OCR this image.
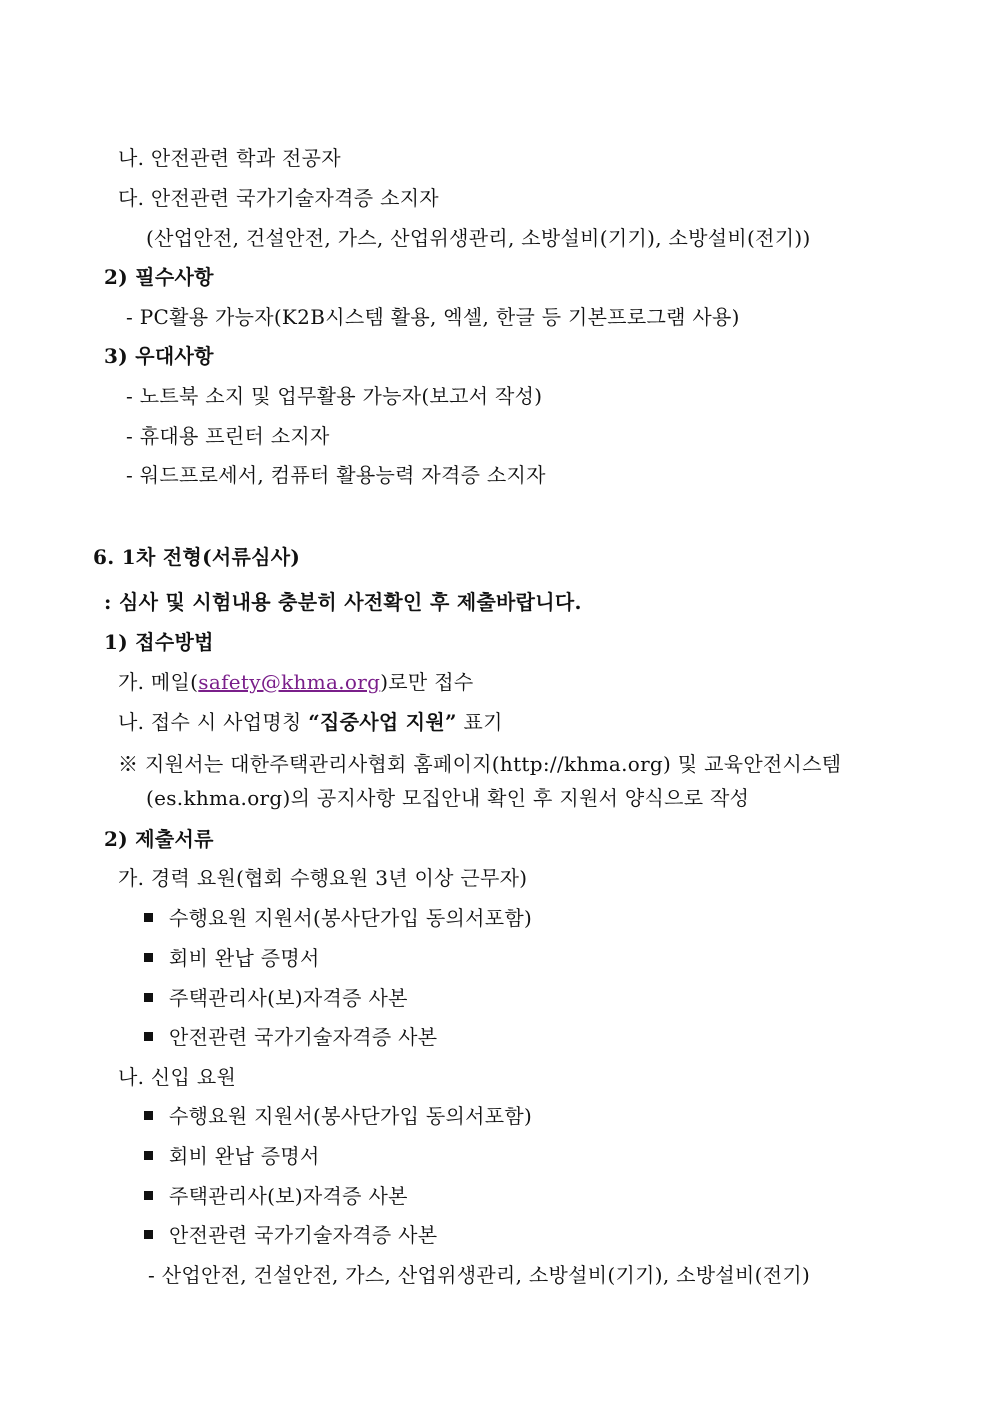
나. 안전관련 학과 전공자
다. 안전관련 국가기술자격증 소지자
(산업안전, 건설안전, 가스, 산업위생관리, 소방설비(기기), 소방설비(전기))
2) 필수사항
- PC활용 가능자(K2B시스템 활용, 엑셀, 한글 등 기본프로그램 사용)
3) 우대사항
- 노트북 소지 및 업무활용 가능자(보고서 작성)
- 휴대용 프린터 소지자
- 워드프로세서, 컴퓨터 활용능력 자격증 소지자
6. 1차 전형(서류심사)
: 심사 및 시험내용 충분히 사전확인 후 제출바랍니다.
1) 접수방법
가. 메일(safety@khma.org)로만 접수
나. 접수 시 사업명칭 “집중사업 지원” 표기
※ 지원서는 대한주택관리사협회 홈페이지(http://khma.org) 및 교육안전시스템
(es.khma.org)의 공지사항 모집안내 확인 후 지원서 양식으로 작성
2) 제출서류
가. 경력 요원(협회 수행요원 3년 이상 근무자)
수행요원 지원서(봉사단가입 동의서포함)
회비 완납 증명서
주택관리사(보)자격증 사본
안전관련 국가기술자격증 사본
나. 신입 요원
수행요원 지원서(봉사단가입 동의서포함)
회비 완납 증명서
주택관리사(보)자격증 사본
안전관련 국가기술자격증 사본
- 산업안전, 건설안전, 가스, 산업위생관리, 소방설비(기기), 소방설비(전기)
